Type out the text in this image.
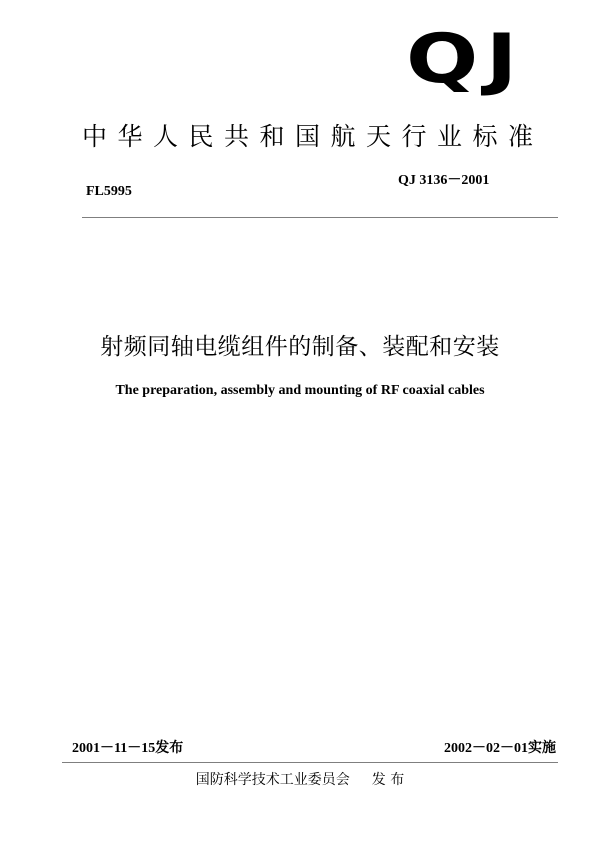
QJ
中华人民共和国航天行业标准
FL5995
QJ 3136－2001
射频同轴电缆组件的制备、装配和安装
The preparation, assembly and mounting of RF coaxial cables
2001－11－15发布	2002－02－01实施
国防科学技术工业委员会 发 布
